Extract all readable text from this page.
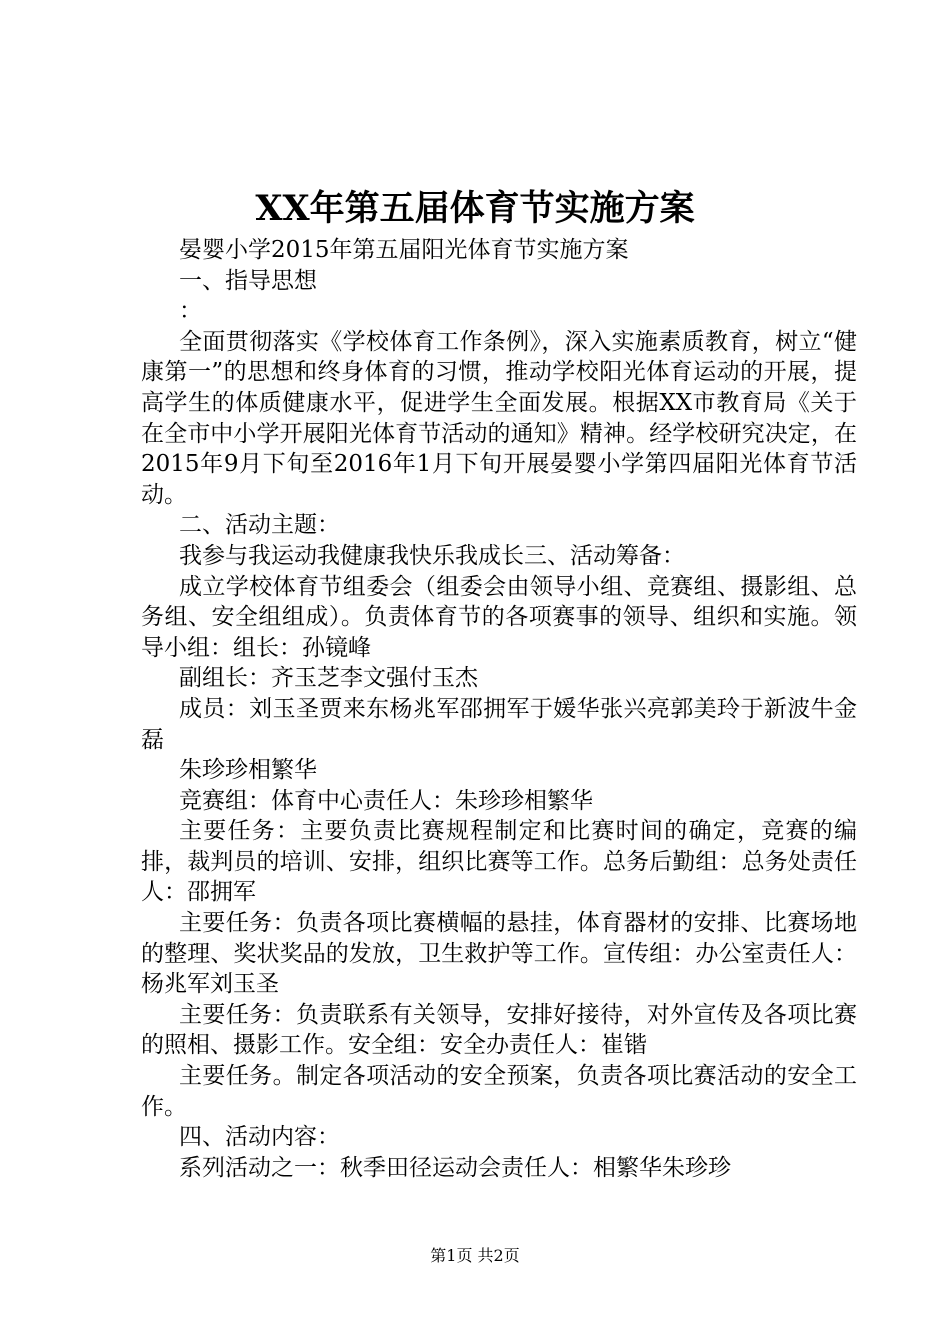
XX年第五届体育节实施方案

晏婴小学2015年第五届阳光体育节实施方案

一、指导思想

：

全面贯彻落实《学校体育工作条例》，深入实施素质教育，树立“健康第一”的思想和终身体育的习惯，推动学校阳光体育运动的开展，提高学生的体质健康水平，促进学生全面发展。根据XX市教育局《关于在全市中小学开展阳光体育节活动的通知》精神。经学校研究决定，在2015年9月下旬至2016年1月下旬开展晏婴小学第四届阳光体育节活动。

二、活动主题：

我参与我运动我健康我快乐我成长三、活动筹备：

成立学校体育节组委会（组委会由领导小组、竞赛组、摄影组、总务组、安全组组成）。负责体育节的各项赛事的领导、组织和实施。领导小组：组长：孙镜峰

副组长：齐玉芝李文强付玉杰

成员：刘玉圣贾来东杨兆军邵拥军于媛华张兴亮郭美玲于新波牛金磊

朱珍珍相繁华

竞赛组：体育中心责任人：朱珍珍相繁华

主要任务：主要负责比赛规程制定和比赛时间的确定，竞赛的编排，裁判员的培训、安排，组织比赛等工作。总务后勤组：总务处责任人：邵拥军

主要任务：负责各项比赛横幅的悬挂，体育器材的安排、比赛场地的整理、奖状奖品的发放，卫生救护等工作。宣传组：办公室责任人：杨兆军刘玉圣

主要任务：负责联系有关领导，安排好接待，对外宣传及各项比赛的照相、摄影工作。安全组：安全办责任人：崔锴

主要任务。制定各项活动的安全预案，负责各项比赛活动的安全工作。

四、活动内容：

系列活动之一：秋季田径运动会责任人：相繁华朱珍珍

第1页 共2页
